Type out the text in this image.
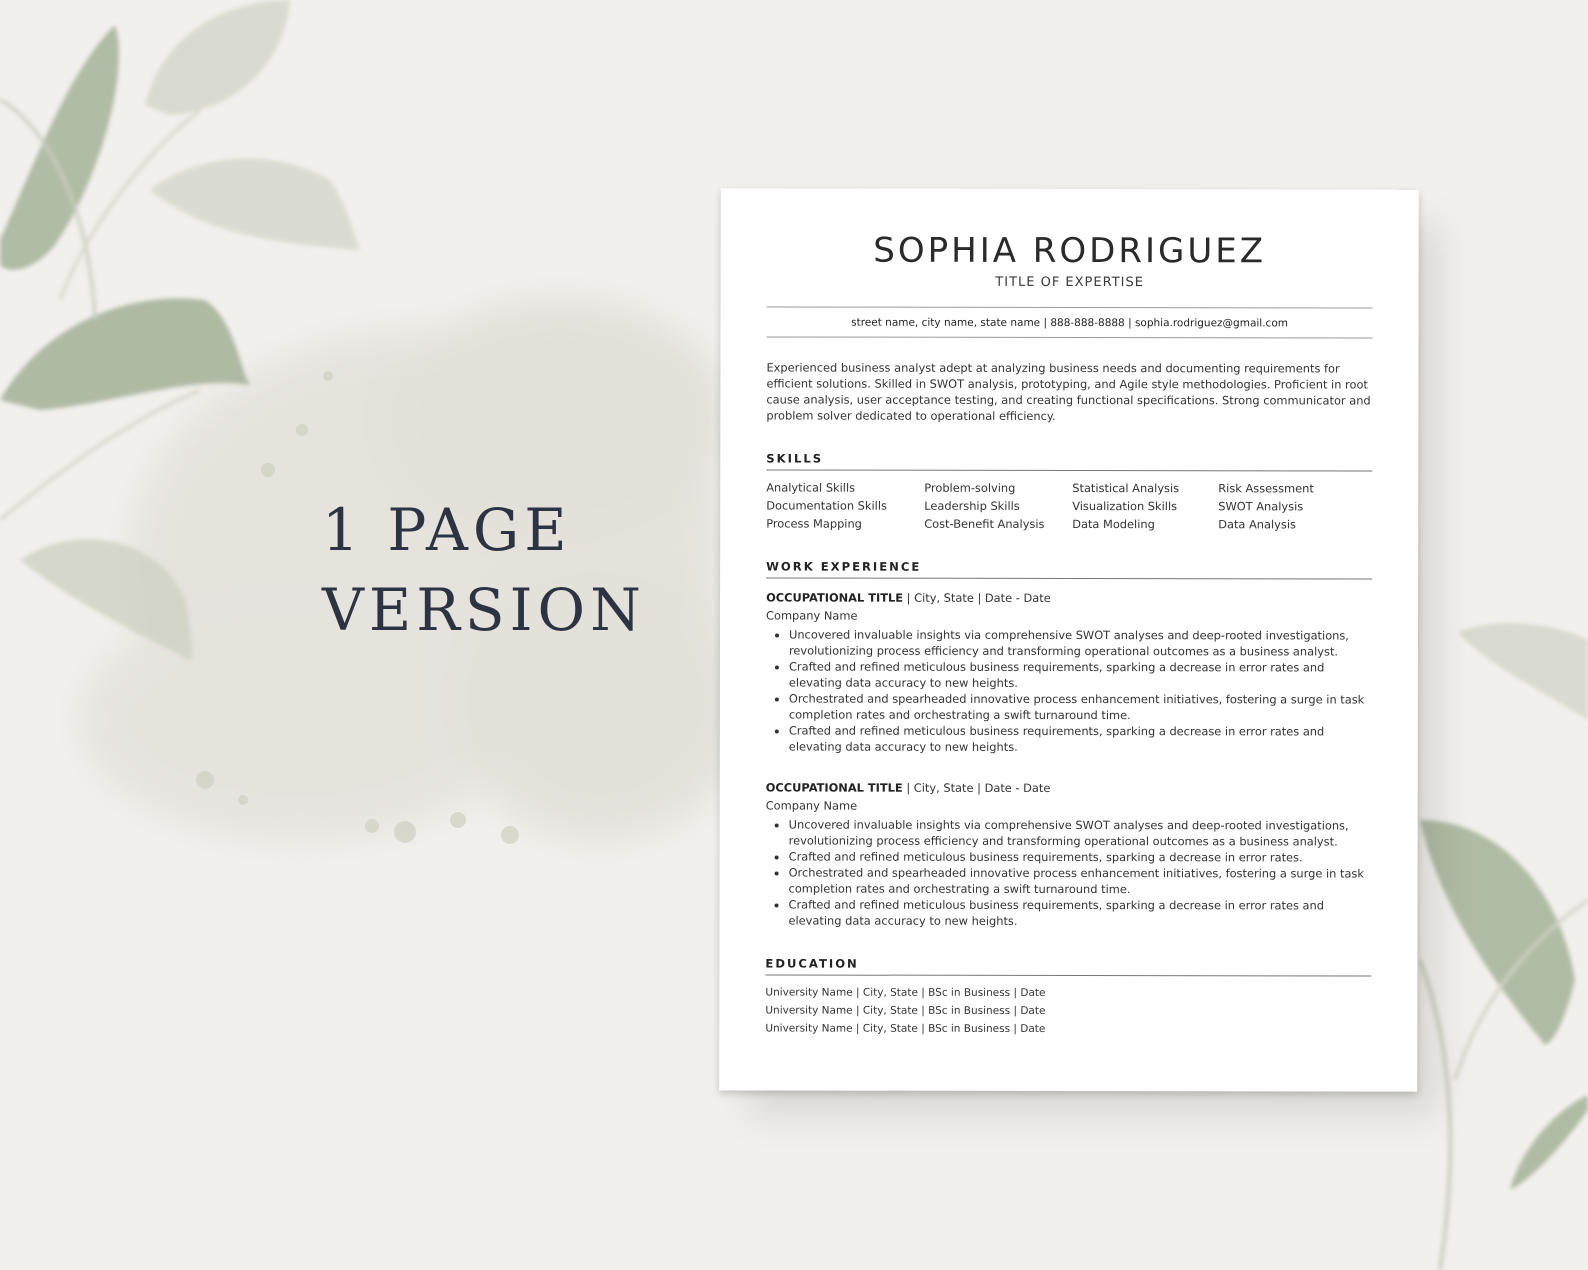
1 PAGE
VERSION
SOPHIA RODRIGUEZ
TITLE OF EXPERTISE
street name, city name, state name | 888-888-8888 | sophia.rodriguez@gmail.com
Experienced business analyst adept at analyzing business needs and documenting requirements for efficient solutions. Skilled in SWOT analysis, prototyping, and Agile style methodologies. Proficient in root cause analysis, user acceptance testing, and creating functional specifications. Strong communicator and problem solver dedicated to operational efficiency.
SKILLS
Analytical Skills	Problem-solving	Statistical Analysis	Risk Assessment
Documentation Skills	Leadership Skills	Visualization Skills	SWOT Analysis
Process Mapping	Cost-Benefit Analysis	Data Modeling	Data Analysis
WORK EXPERIENCE
OCCUPATIONAL TITLE | City, State | Date - Date
Company Name
• Uncovered invaluable insights via comprehensive SWOT analyses and deep-rooted investigations, revolutionizing process efficiency and transforming operational outcomes as a business analyst.
• Crafted and refined meticulous business requirements, sparking a decrease in error rates and elevating data accuracy to new heights.
• Orchestrated and spearheaded innovative process enhancement initiatives, fostering a surge in task completion rates and orchestrating a swift turnaround time.
• Crafted and refined meticulous business requirements, sparking a decrease in error rates and elevating data accuracy to new heights.
OCCUPATIONAL TITLE | City, State | Date - Date
Company Name
• Uncovered invaluable insights via comprehensive SWOT analyses and deep-rooted investigations, revolutionizing process efficiency and transforming operational outcomes as a business analyst.
• Crafted and refined meticulous business requirements, sparking a decrease in error rates.
• Orchestrated and spearheaded innovative process enhancement initiatives, fostering a surge in task completion rates and orchestrating a swift turnaround time.
• Crafted and refined meticulous business requirements, sparking a decrease in error rates and elevating data accuracy to new heights.
EDUCATION
University Name | City, State | BSc in Business | Date
University Name | City, State | BSc in Business | Date
University Name | City, State | BSc in Business | Date
